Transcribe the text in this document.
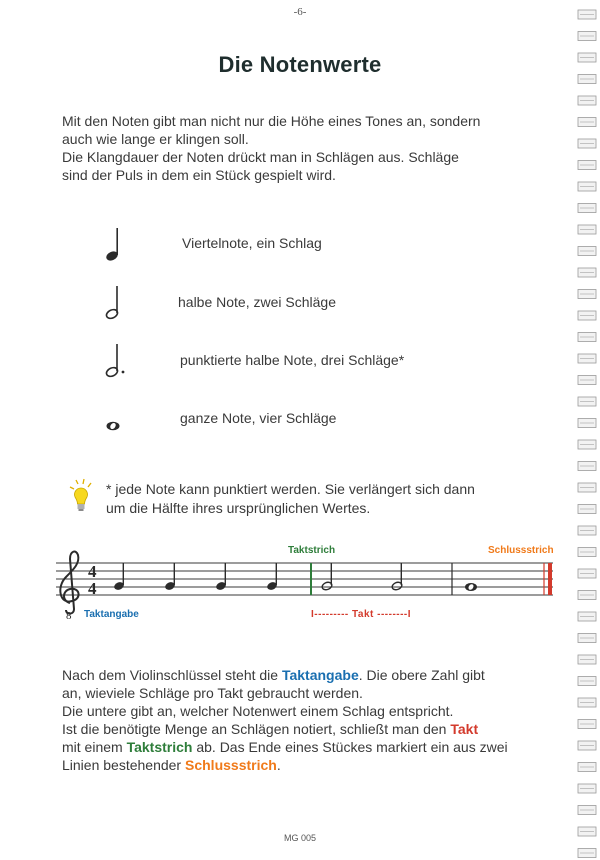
-6-
Die Notenwerte

Mit den Noten gibt man nicht nur die Höhe eines Tones an, sondern

auch wie lange er klingen soll.

Die Klangdauer der Noten drückt man in Schlägen aus. Schläge

sind der Puls in dem ein Stück gespielt wird.

Viertelnote, ein Schlag
halbe Note, zwei Schläge
punktierte halbe Note, drei Schläge*
ganze Note, vier Schläge
* jede Note kann punktiert werden. Sie verlängert sich dann
um die Hälfte ihres ursprünglichen Wertes.
4
4
8
Taktstrich	Schlussstrich
Taktangabe	I--------- Takt --------I

Nach dem Violinschlüssel steht die Taktangabe. Die obere Zahl gibt

an, wieviele Schläge pro Takt gebraucht werden.

Die untere gibt an, welcher Notenwert einem Schlag entspricht.

Ist die benötigte Menge an Schlägen notiert, schließt man den Takt

mit einem Taktstrich ab. Das Ende eines Stückes markiert ein aus zwei

Linien bestehender Schlussstrich.

MG 005
